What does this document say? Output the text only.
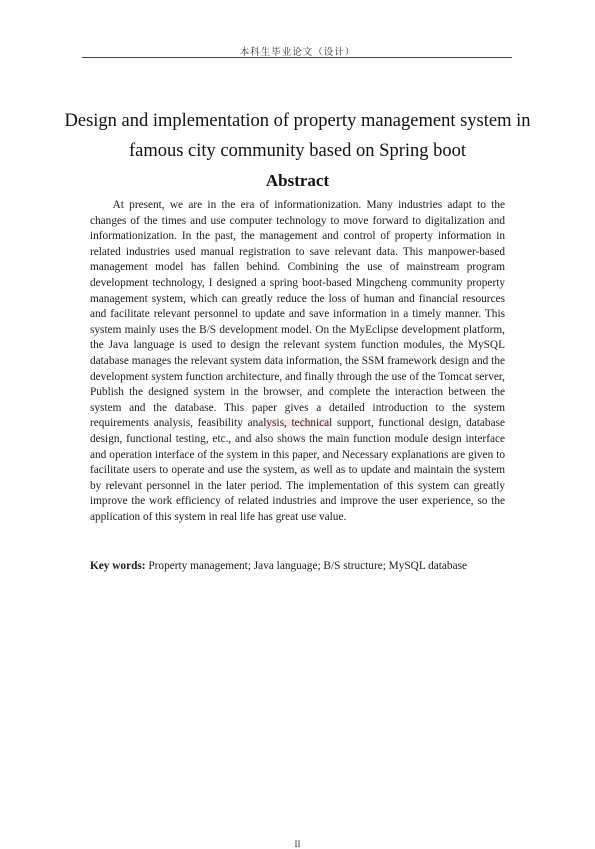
本科生毕业论文（设计）
Design and implementation of property management system in famous city community based on Spring boot
Abstract

At present, we are in the era of informationization. Many industries adapt to the changes of the times and use computer technology to move forward to digitalization and informationization. In the past, the management and control of property information in related industries used manual registration to save relevant data. This manpower-based management model has fallen behind. Combining the use of mainstream program development technology, I designed a spring boot-based Mingcheng community property management system, which can greatly reduce the loss of human and financial resources and facilitate relevant personnel to update and save information in a timely manner. This system mainly uses the B/S development model. On the MyEclipse development platform, the Java language is used to design the relevant system function modules, the MySQL database manages the relevant system data information, the SSM framework design and the development system function architecture, and finally through the use of the Tomcat server, Publish the designed system in the browser, and complete the interaction between the system and the database. This paper gives a detailed introduction to the system requirements analysis, feasibility analysis, technical support, functional design, database design, functional testing, etc., and also shows the main function module design interface and operation interface of the system in this paper, and Necessary explanations are given to facilitate users to operate and use the system, as well as to update and maintain the system by relevant personnel in the later period. The implementation of this system can greatly improve the work efficiency of related industries and improve the user experience, so the application of this system in real life has great use value.

Key words: Property management; Java language; B/S structure; MySQL database
II
